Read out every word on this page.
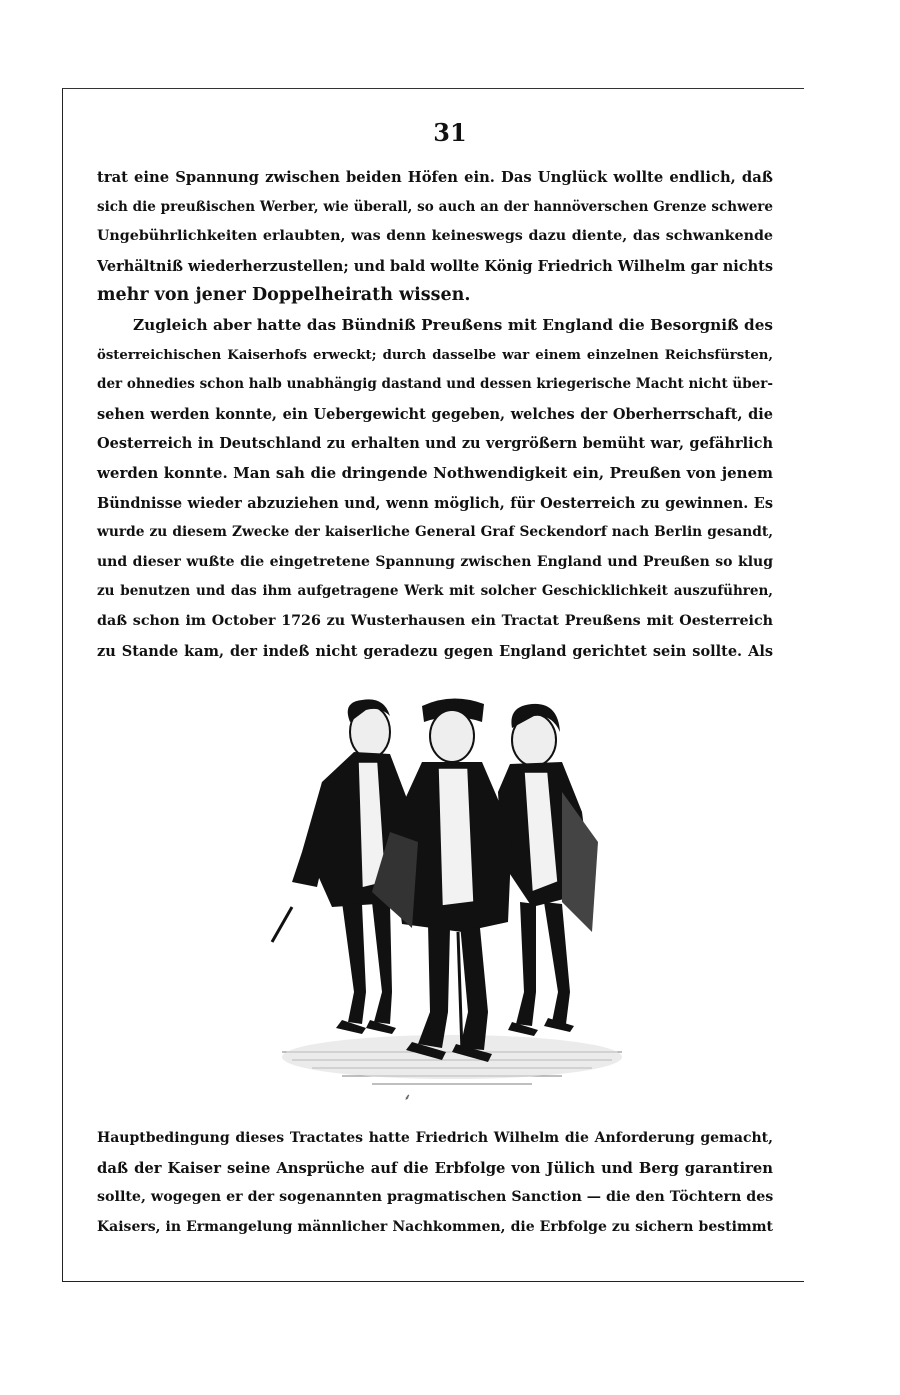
31
trat eine Spannung zwischen beiden Höfen ein. Das Unglück wollte endlich, daß
sich die preußischen Werber, wie überall, so auch an der hannöverschen Grenze schwere
Ungebührlichkeiten erlaubten, was denn keineswegs dazu diente, das schwankende
Verhältniß wiederherzustellen; und bald wollte König Friedrich Wilhelm gar nichts
mehr von jener Doppelheirath wissen.
Zugleich aber hatte das Bündniß Preußens mit England die Besorgniß des
österreichischen Kaiserhofs erweckt; durch dasselbe war einem einzelnen Reichsfürsten,
der ohnedies schon halb unabhängig dastand und dessen kriegerische Macht nicht über-
sehen werden konnte, ein Uebergewicht gegeben, welches der Oberherrschaft, die
Oesterreich in Deutschland zu erhalten und zu vergrößern bemüht war, gefährlich
werden konnte. Man sah die dringende Nothwendigkeit ein, Preußen von jenem
Bündnisse wieder abzuziehen und, wenn möglich, für Oesterreich zu gewinnen. Es
wurde zu diesem Zwecke der kaiserliche General Graf Seckendorf nach Berlin gesandt,
und dieser wußte die eingetretene Spannung zwischen England und Preußen so klug
zu benutzen und das ihm aufgetragene Werk mit solcher Geschicklichkeit auszuführen,
daß schon im October 1726 zu Wusterhausen ein Tractat Preußens mit Oesterreich
zu Stande kam, der indeß nicht geradezu gegen England gerichtet sein sollte. Als
⸙
Hauptbedingung dieses Tractates hatte Friedrich Wilhelm die Anforderung gemacht,
daß der Kaiser seine Ansprüche auf die Erbfolge von Jülich und Berg garantiren
sollte, wogegen er der sogenannten pragmatischen Sanction — die den Töchtern des
Kaisers, in Ermangelung männlicher Nachkommen, die Erbfolge zu sichern bestimmt
